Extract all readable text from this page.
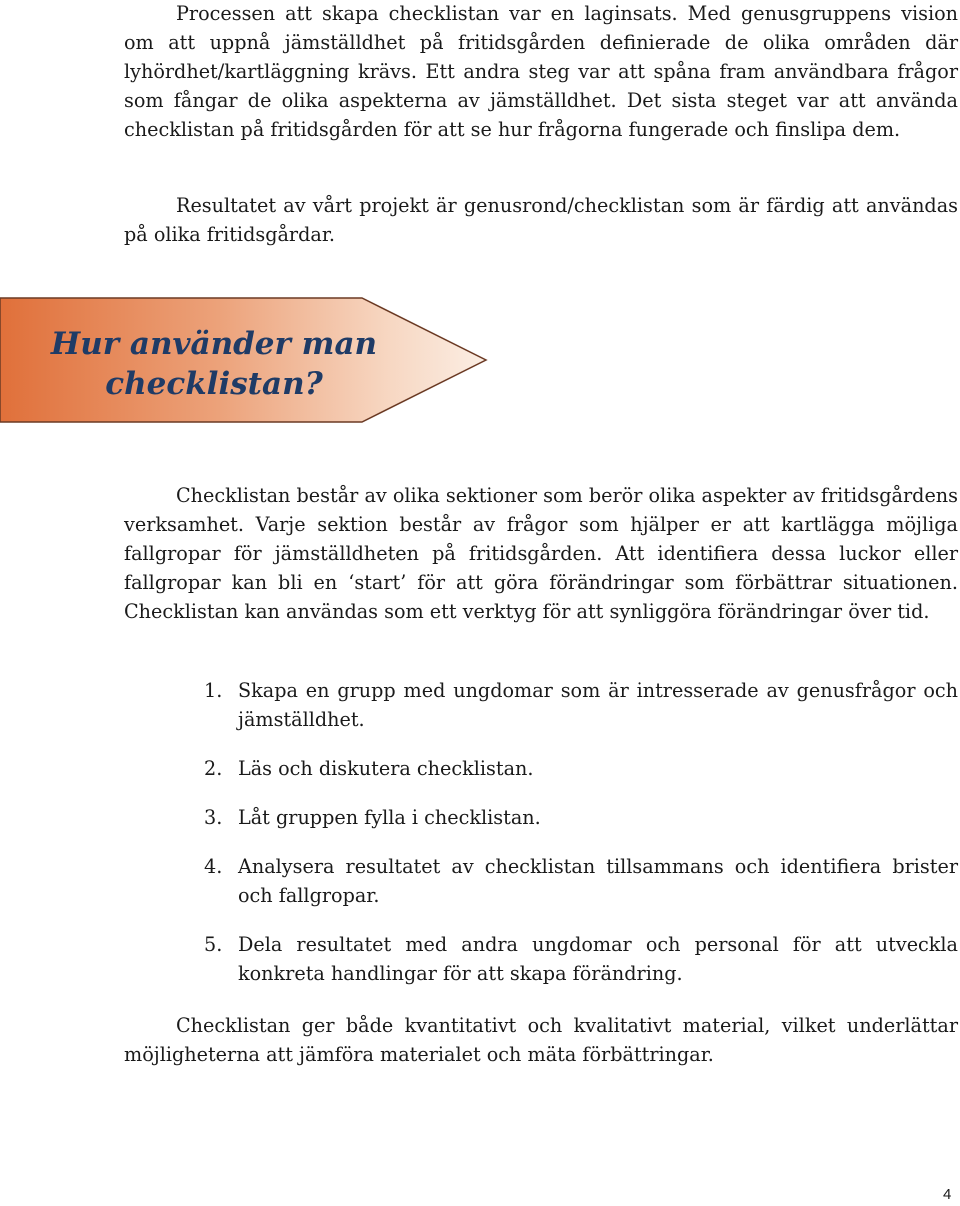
Processen att skapa checklistan var en laginsats. Med genusgruppens vision om att uppnå jämställdhet på fritidsgården definierade de olika områden där lyhördhet/kartläggning krävs. Ett andra steg var att spåna fram användbara frågor som fångar de olika aspekterna av jämställdhet. Det sista steget var att använda checklistan på fritidsgården för att se hur frågorna fungerade och finslipa dem.

Resultatet av vårt projekt är genusrond/checklistan som är färdig att användas på olika fritidsgårdar.

Hur använder man
checklistan?

Checklistan består av olika sektioner som berör olika aspekter av fritidsgårdens verksamhet. Varje sektion består av frågor som hjälper er att kartlägga möjliga fallgropar för jämställdheten på fritidsgården. Att identifiera dessa luckor eller fallgropar kan bli en ‘start’ för att göra förändringar som förbättrar situationen. Checklistan kan användas som ett verktyg för att synliggöra förändringar över tid.

1. Skapa en grupp med ungdomar som är intresserade av genusfrågor och jämställdhet.
2. Läs och diskutera checklistan.
3. Låt gruppen fylla i checklistan.
4. Analysera resultatet av checklistan tillsammans och identifiera brister och fallgropar.
5. Dela resultatet med andra ungdomar och personal för att utveckla konkreta handlingar för att skapa förändring.

Checklistan ger både kvantitativt och kvalitativt material, vilket underlättar möjligheterna att jämföra materialet och mäta förbättringar.

4
